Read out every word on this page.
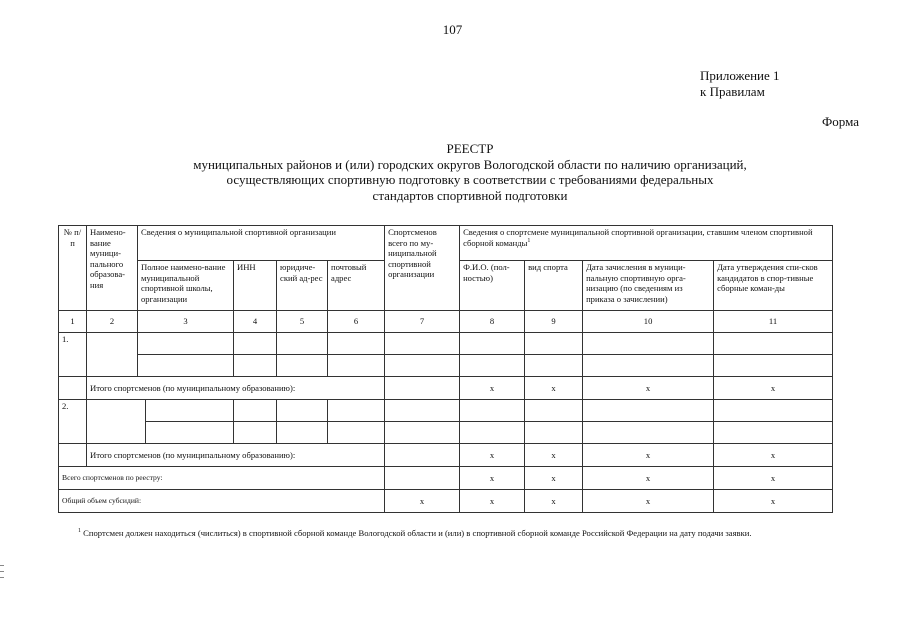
107
Приложение 1
к Правилам
Форма
РЕЕСТР
муниципальных районов и (или) городских округов Вологодской области по наличию организаций,
осуществляющих спортивную подготовку в соответствии с требованиями федеральных
стандартов спортивной подготовки
№ п/п	Наимено-вание муници-пального образова-ния	Сведения о муниципальной спортивной организации					Спортсменов всего по му-ниципальной спортивной организации	Сведения о спортсмене муниципальной спортивной организации, ставшим членом спортивной сборной команды$^1$
		Полное наимено-вание муниципальной спортивной школы, организации		ИНН	юридиче-ский ад-рес	почтовый адрес		Ф.И.О. (пол-ностью)	вид спорта	Дата зачисления в муници-пальную спортивную орга-низацию (по сведениям из приказа о зачислении)	Дата утверждения спи-сков кандидатов в спор-тивные сборные коман-ды
1	2	3		4	5	6	7	8	9	10	11
1.											

	Итого спортсменов (по муниципальному образованию):							x	x	x	x
2.											

	Итого спортсменов (по муниципальному образованию):							x	x	x	x
Всего спортсменов по реестру:								x	x	x	x
Общий объем субсидий:							x	x	x	x	x
$^1$ Спортсмен должен находиться (числиться) в спортивной сборной команде Вологодской области и (или) в спортивной сборной команде Российской Федерации на дату подачи заявки.
